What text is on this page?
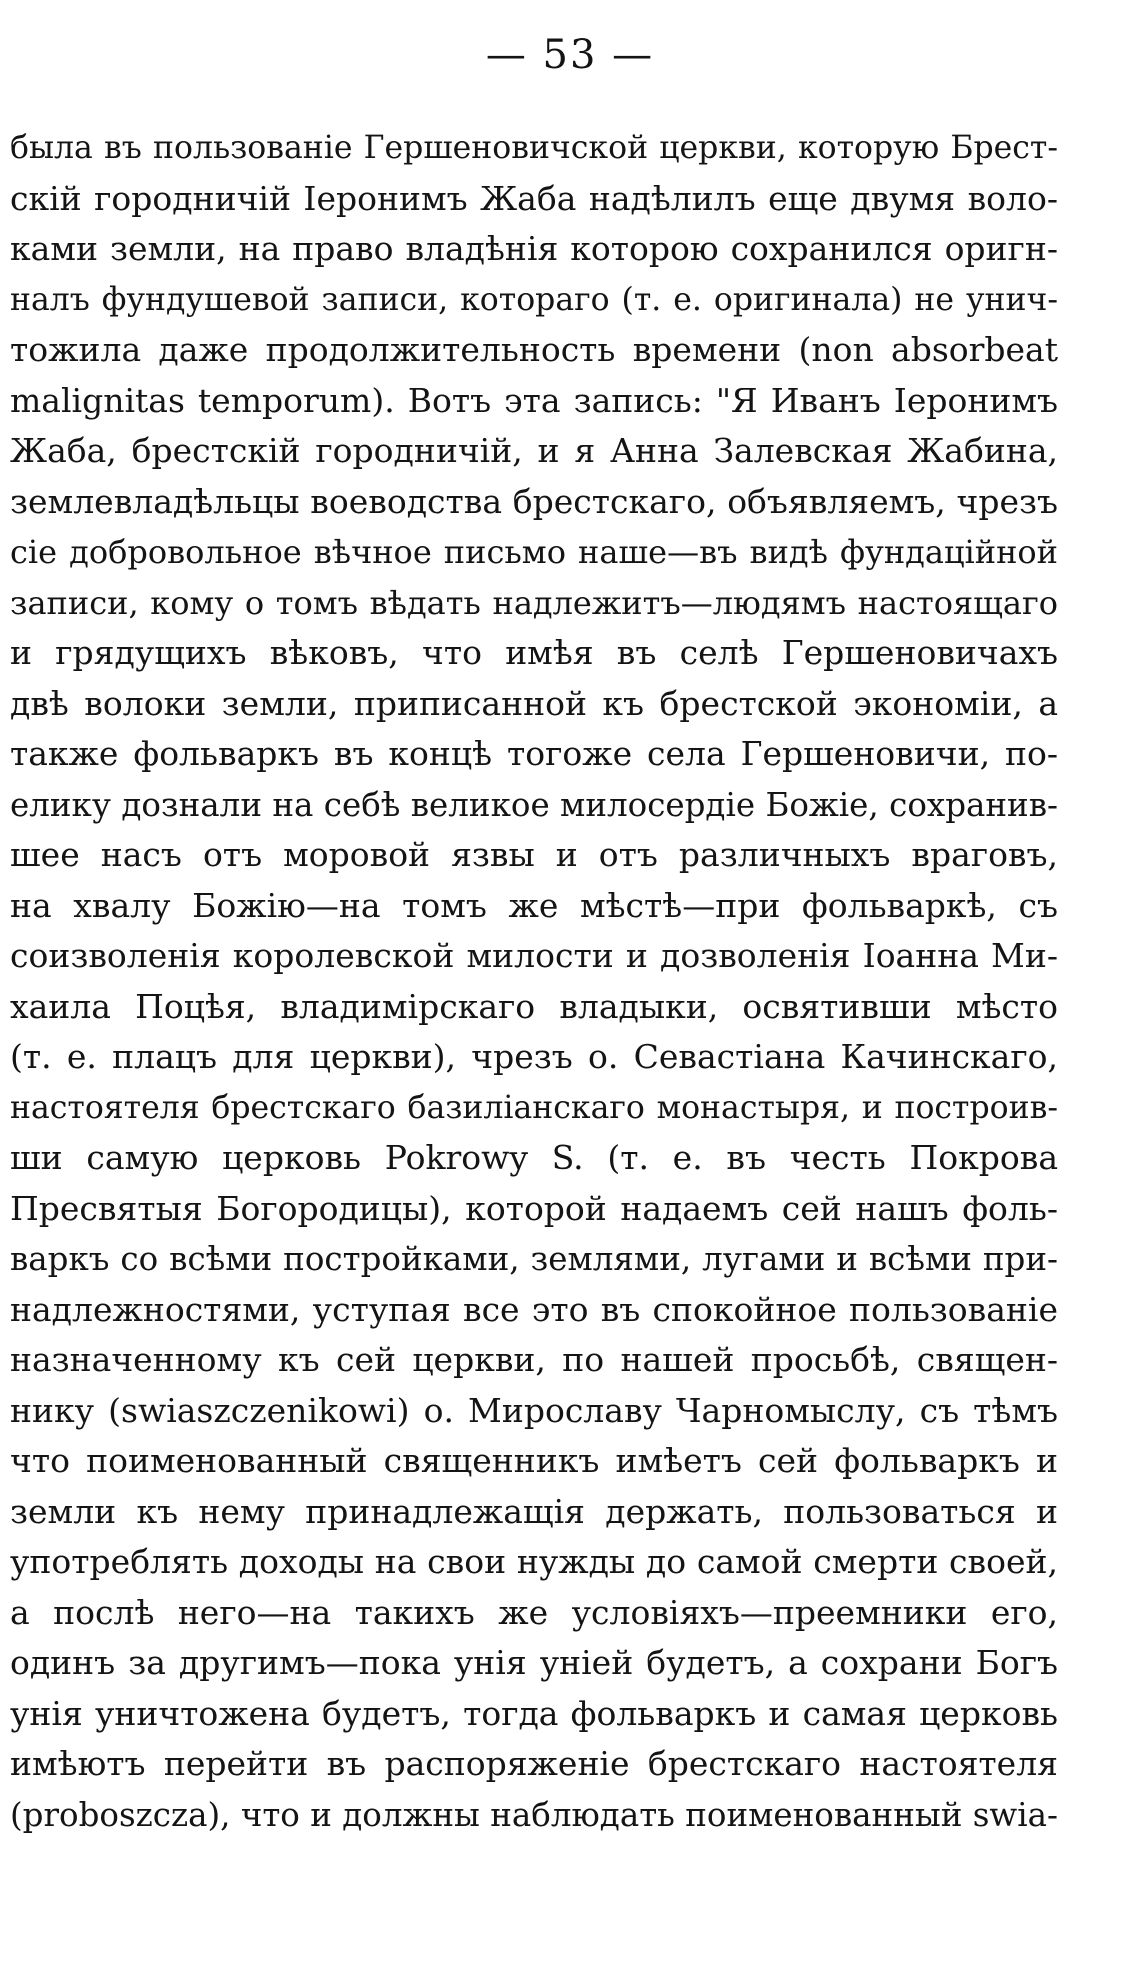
— 53 —
была въ пользованіе Гершеновичской церкви, которую Брест-
скій городничій Іеронимъ Жаба надѣлилъ еще двумя воло-
ками земли, на право владѣнія которою сохранился оригн-
налъ фундушевой записи, котораго (т. е. оригинала) не унич-
тожила даже продолжительность времени (non absorbeat
malignitas temporum). Вотъ эта запись: "Я Иванъ Іеронимъ
Жаба, брестскій городничій, и я Анна Залевская Жабина,
землевладѣльцы воеводства брестскаго, объявляемъ, чрезъ
сіе добровольное вѣчное письмо наше—въ видѣ фундаційной
записи, кому о томъ вѣдать надлежитъ—людямъ настоящаго
и грядущихъ вѣковъ, что имѣя въ селѣ Гершеновичахъ
двѣ волоки земли, приписанной къ брестской экономіи, а
также фольваркъ въ концѣ тогоже села Гершеновичи, по-
елику дознали на себѣ великое милосердіе Божіе, сохранив-
шее насъ отъ моровой язвы и отъ различныхъ враговъ,
на хвалу Божію—на томъ же мѣстѣ—при фольваркѣ, съ
соизволенія королевской милости и дозволенія Іоанна Ми-
хаила Поцѣя, владимірскаго владыки, освятивши мѣсто
(т. е. плацъ для церкви), чрезъ о. Севастіана Качинскаго,
настоятеля брестскаго базиліанскаго монастыря, и построив-
ши самую церковь Pokrowy S. (т. е. въ честь Покрова
Пресвятыя Богородицы), которой надаемъ сей нашъ фоль-
варкъ со всѣми постройками, землями, лугами и всѣми при-
надлежностями, уступая все это въ спокойное пользованіе
назначенному къ сей церкви, по нашей просьбѣ, священ-
нику (swiaszczenikowi) о. Мирославу Чарномыслу, съ тѣмъ
что поименованный священникъ имѣетъ сей фольваркъ и
земли къ нему принадлежащія держать, пользоваться и
употреблять доходы на свои нужды до самой смерти своей,
а послѣ него—на такихъ же условіяхъ—преемники его,
одинъ за другимъ—пока унія уніей будетъ, а сохрани Богъ
унія уничтожена будетъ, тогда фольваркъ и самая церковь
имѣютъ перейти въ распоряженіе брестскаго настоятеля
(proboszcza), что и должны наблюдать поименованный swia-
